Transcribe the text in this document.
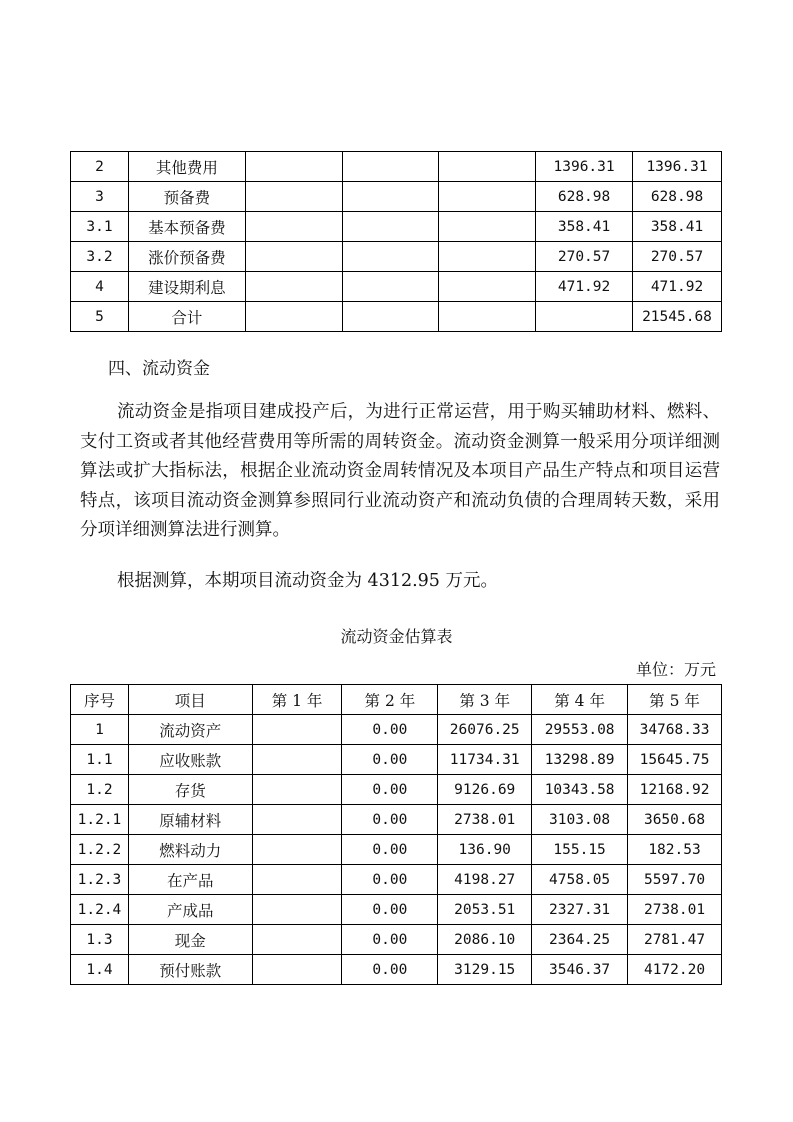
2	其他费用				1396.31	1396.31
3	预备费				628.98	628.98
3.1	基本预备费				358.41	358.41
3.2	涨价预备费				270.57	270.57
4	建设期利息				471.92	471.92
5	合计					21545.68
四、流动资金
流动资金是指项目建成投产后，为进行正常运营，用于购买辅助材料、燃料、支付工资或者其他经营费用等所需的周转资金。流动资金测算一般采用分项详细测算法或扩大指标法，根据企业流动资金周转情况及本项目产品生产特点和项目运营特点，该项目流动资金测算参照同行业流动资产和流动负债的合理周转天数，采用分项详细测算法进行测算。
根据测算，本期项目流动资金为 4312.95 万元。
流动资金估算表
单位：万元
序号	项目	第 1 年	第 2 年	第 3 年	第 4 年	第 5 年
1	流动资产		0.00	26076.25	29553.08	34768.33
1.1	应收账款		0.00	11734.31	13298.89	15645.75
1.2	存货		0.00	9126.69	10343.58	12168.92
1.2.1	原辅材料		0.00	2738.01	3103.08	3650.68
1.2.2	燃料动力		0.00	136.90	155.15	182.53
1.2.3	在产品		0.00	4198.27	4758.05	5597.70
1.2.4	产成品		0.00	2053.51	2327.31	2738.01
1.3	现金		0.00	2086.10	2364.25	2781.47
1.4	预付账款		0.00	3129.15	3546.37	4172.20
